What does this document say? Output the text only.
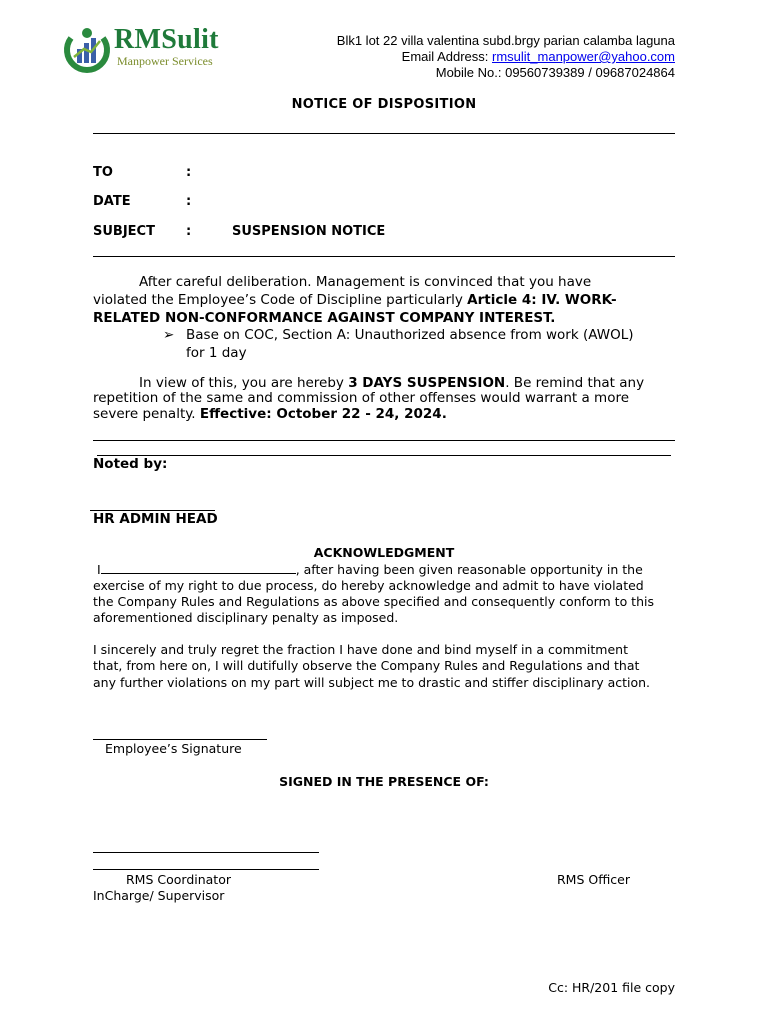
RMSulit
Manpower Services
Blk1 lot 22 villa valentina subd.brgy parian calamba laguna
Email Address: rmsulit_manpower@yahoo.com
Mobile No.: 09560739389 / 09687024864
NOTICE OF DISPOSITION
TO	:
DATE	:
SUBJECT :	SUSPENSION NOTICE
After careful deliberation. Management is convinced that you have
violated the Employee’s Code of Discipline particularly Article 4: IV. WORK-
RELATED NON-CONFORMANCE AGAINST COMPANY INTEREST.
➢ Base on COC, Section A: Unauthorized absence from work (AWOL)
for 1 day
In view of this, you are hereby 3 DAYS SUSPENSION. Be remind that any
repetition of the same and commission of other offenses would warrant a more
severe penalty. Effective: October 22 - 24, 2024.
Noted by:
HR ADMIN HEAD
ACKNOWLEDGMENT
I	, after having been given reasonable opportunity in the
exercise of my right to due process, do hereby acknowledge and admit to have violated
the Company Rules and Regulations as above specified and consequently conform to this
aforementioned disciplinary penalty as imposed.
I sincerely and truly regret the fraction I have done and bind myself in a commitment
that, from here on, I will dutifully observe the Company Rules and Regulations and that
any further violations on my part will subject me to drastic and stiffer disciplinary action.
Employee’s Signature
SIGNED IN THE PRESENCE OF:
RMS Coordinator	RMS Officer
InCharge/ Supervisor
Cc: HR/201 file copy
